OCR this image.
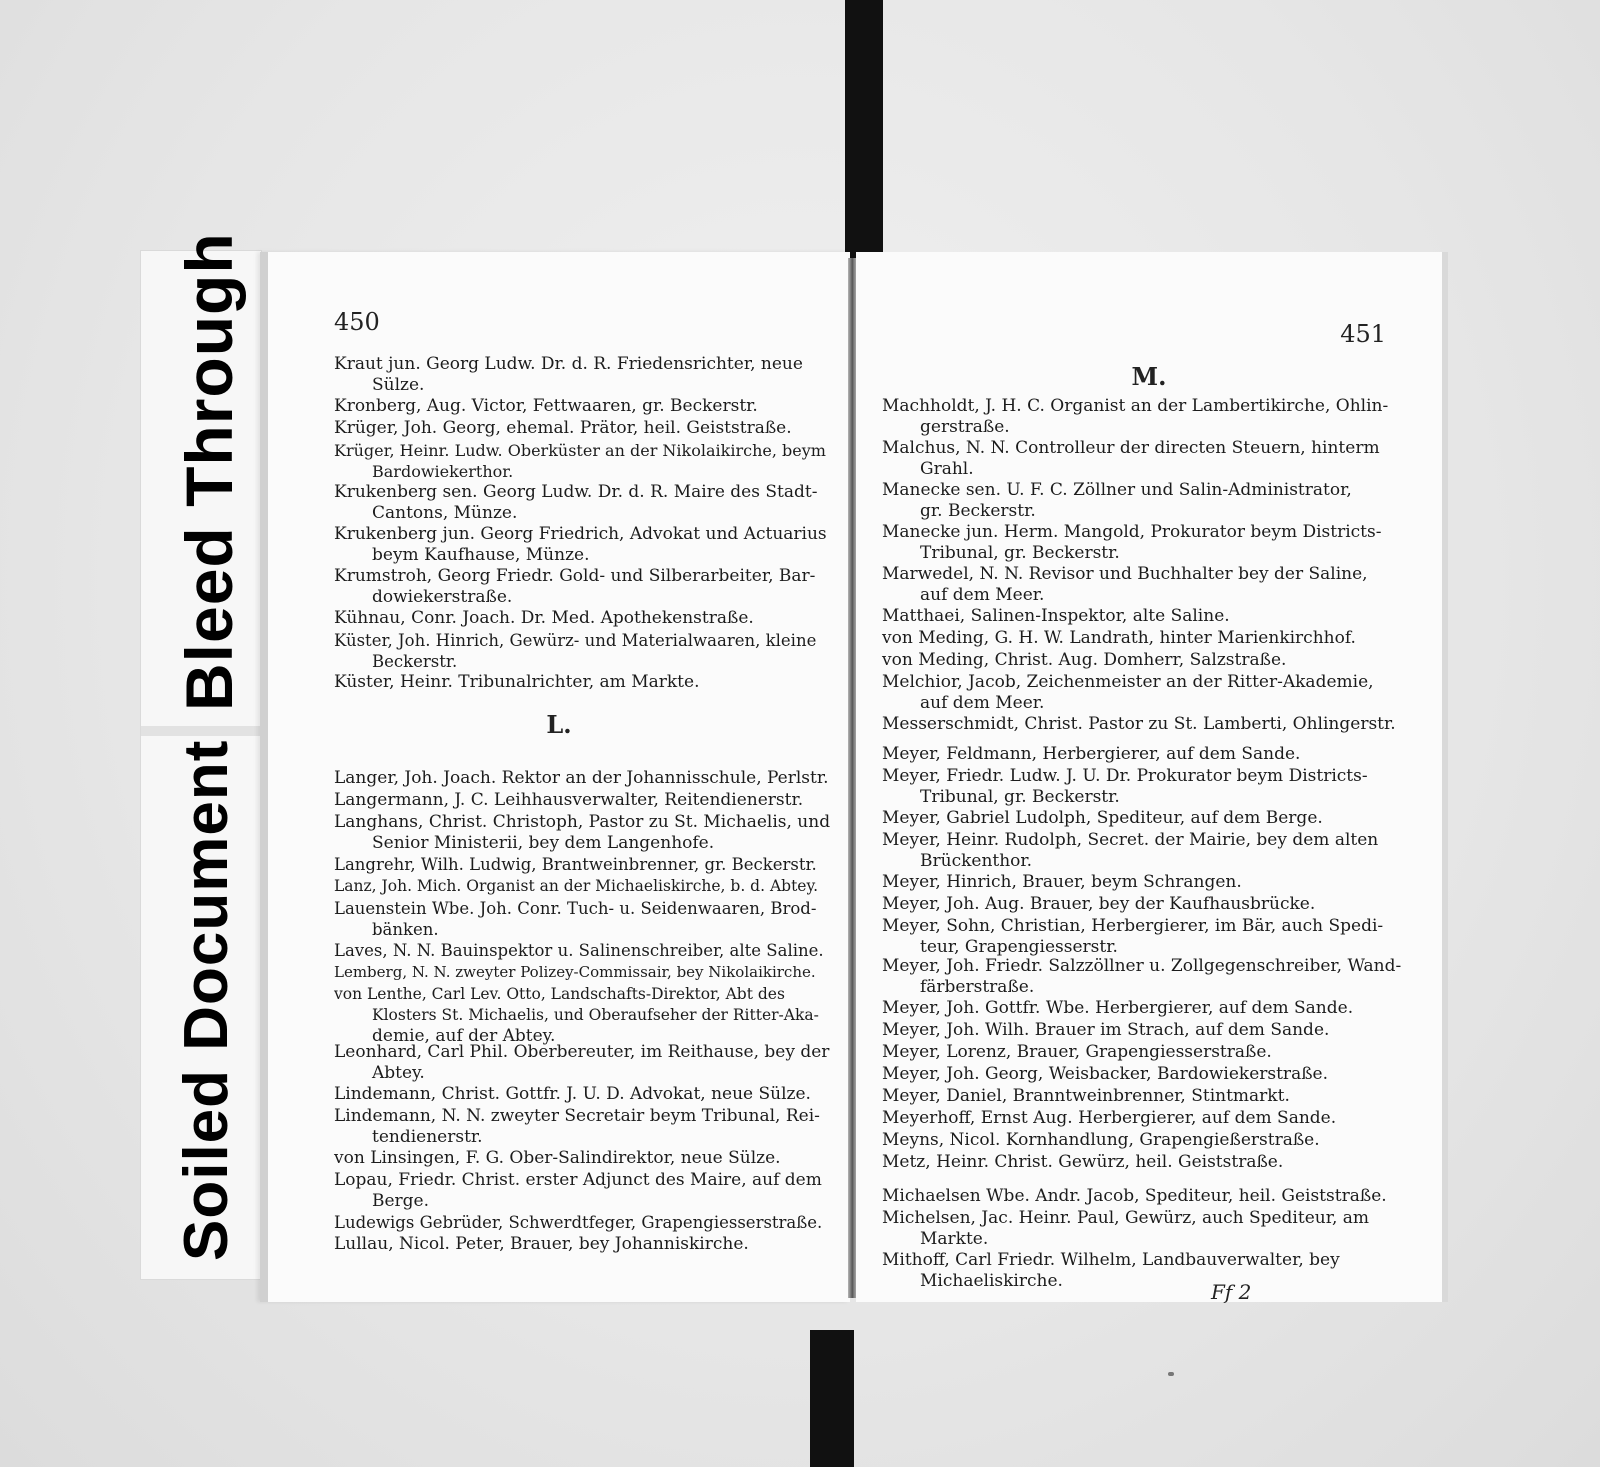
Bleed Through
Soiled Document
450
L.
Kraut jun. Georg Ludw. Dr. d. R. Friedensrichter, neue
Sülze.
Kronberg, Aug. Victor, Fettwaaren, gr. Beckerstr.
Krüger, Joh. Georg, ehemal. Prätor, heil. Geiststraße.
Krüger, Heinr. Ludw. Oberküster an der Nikolaikirche, beym
Bardowiekerthor.
Krukenberg sen. Georg Ludw. Dr. d. R. Maire des Stadt-
Cantons, Münze.
Krukenberg jun. Georg Friedrich, Advokat und Actuarius
beym Kaufhause, Münze.
Krumstroh, Georg Friedr. Gold- und Silberarbeiter, Bar-
dowiekerstraße.
Kühnau, Conr. Joach. Dr. Med. Apothekenstraße.
Küster, Joh. Hinrich, Gewürz- und Materialwaaren, kleine
Beckerstr.
Küster, Heinr. Tribunalrichter, am Markte.
Langer, Joh. Joach. Rektor an der Johannisschule, Perlstr.
Langermann, J. C. Leihhausverwalter, Reitendienerstr.
Langhans, Christ. Christoph, Pastor zu St. Michaelis, und
Senior Ministerii, bey dem Langenhofe.
Langrehr, Wilh. Ludwig, Brantweinbrenner, gr. Beckerstr.
Lanz, Joh. Mich. Organist an der Michaeliskirche, b. d. Abtey.
Lauenstein Wbe. Joh. Conr. Tuch- u. Seidenwaaren, Brod-
bänken.
Laves, N. N. Bauinspektor u. Salinenschreiber, alte Saline.
Lemberg, N. N. zweyter Polizey-Commissair, bey Nikolaikirche.
von Lenthe, Carl Lev. Otto, Landschafts-Direktor, Abt des
Klosters St. Michaelis, und Oberaufseher der Ritter-Aka-
demie, auf der Abtey.
Leonhard, Carl Phil. Oberbereuter, im Reithause, bey der
Abtey.
Lindemann, Christ. Gottfr. J. U. D. Advokat, neue Sülze.
Lindemann, N. N. zweyter Secretair beym Tribunal, Rei-
tendienerstr.
von Linsingen, F. G. Ober-Salindirektor, neue Sülze.
Lopau, Friedr. Christ. erster Adjunct des Maire, auf dem
Berge.
Ludewigs Gebrüder, Schwerdtfeger, Grapengiesserstraße.
Lullau, Nicol. Peter, Brauer, bey Johanniskirche.
451
M.
Ff 2
Machholdt, J. H. C. Organist an der Lambertikirche, Ohlin-
gerstraße.
Malchus, N. N. Controlleur der directen Steuern, hinterm
Grahl.
Manecke sen. U. F. C. Zöllner und Salin-Administrator,
gr. Beckerstr.
Manecke jun. Herm. Mangold, Prokurator beym Districts-
Tribunal, gr. Beckerstr.
Marwedel, N. N. Revisor und Buchhalter bey der Saline,
auf dem Meer.
Matthaei, Salinen-Inspektor, alte Saline.
von Meding, G. H. W. Landrath, hinter Marienkirchhof.
von Meding, Christ. Aug. Domherr, Salzstraße.
Melchior, Jacob, Zeichenmeister an der Ritter-Akademie,
auf dem Meer.
Messerschmidt, Christ. Pastor zu St. Lamberti, Ohlingerstr.
Meyer, Feldmann, Herbergierer, auf dem Sande.
Meyer, Friedr. Ludw. J. U. Dr. Prokurator beym Districts-
Tribunal, gr. Beckerstr.
Meyer, Gabriel Ludolph, Spediteur, auf dem Berge.
Meyer, Heinr. Rudolph, Secret. der Mairie, bey dem alten
Brückenthor.
Meyer, Hinrich, Brauer, beym Schrangen.
Meyer, Joh. Aug. Brauer, bey der Kaufhausbrücke.
Meyer, Sohn, Christian, Herbergierer, im Bär, auch Spedi-
teur, Grapengiesserstr.
Meyer, Joh. Friedr. Salzzöllner u. Zollgegenschreiber, Wand-
färberstraße.
Meyer, Joh. Gottfr. Wbe. Herbergierer, auf dem Sande.
Meyer, Joh. Wilh. Brauer im Strach, auf dem Sande.
Meyer, Lorenz, Brauer, Grapengiesserstraße.
Meyer, Joh. Georg, Weisbacker, Bardowiekerstraße.
Meyer, Daniel, Branntweinbrenner, Stintmarkt.
Meyerhoff, Ernst Aug. Herbergierer, auf dem Sande.
Meyns, Nicol. Kornhandlung, Grapengießerstraße.
Metz, Heinr. Christ. Gewürz, heil. Geiststraße.
Michaelsen Wbe. Andr. Jacob, Spediteur, heil. Geiststraße.
Michelsen, Jac. Heinr. Paul, Gewürz, auch Spediteur, am
Markte.
Mithoff, Carl Friedr. Wilhelm, Landbauverwalter, bey
Michaeliskirche.
